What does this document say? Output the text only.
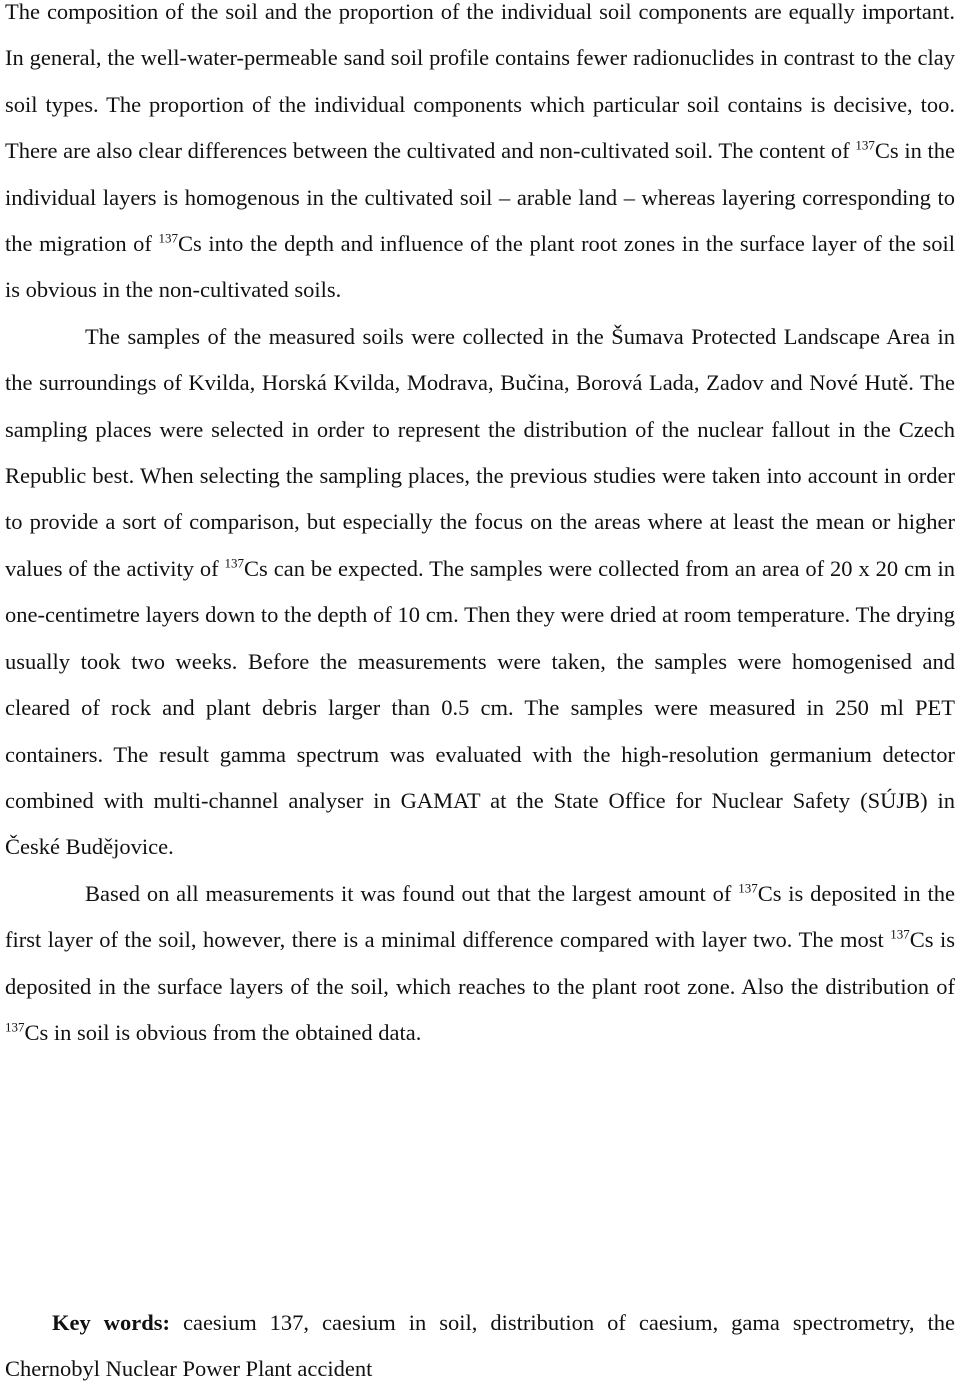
The composition of the soil and the proportion of the individual soil components are equally important. In general, the well-water-permeable sand soil profile contains fewer radionuclides in contrast to the clay soil types. The proportion of the individual components which particular soil contains is decisive, too. There are also clear differences between the cultivated and non-cultivated soil. The content of $^{137}$Cs in the individual layers is homogenous in the cultivated soil – arable land – whereas layering corresponding to the migration of $^{137}$Cs into the depth and influence of the plant root zones in the surface layer of the soil is obvious in the non-cultivated soils.

The samples of the measured soils were collected in the Šumava Protected Landscape Area in the surroundings of Kvilda, Horská Kvilda, Modrava, Bučina, Borová Lada, Zadov and Nové Hutě. The sampling places were selected in order to represent the distribution of the nuclear fallout in the Czech Republic best. When selecting the sampling places, the previous studies were taken into account in order to provide a sort of comparison, but especially the focus on the areas where at least the mean or higher values of the activity of $^{137}$Cs can be expected. The samples were collected from an area of 20 x 20 cm in one-centimetre layers down to the depth of 10 cm. Then they were dried at room temperature. The drying usually took two weeks. Before the measurements were taken, the samples were homogenised and cleared of rock and plant debris larger than 0.5 cm. The samples were measured in 250 ml PET containers. The result gamma spectrum was evaluated with the high-resolution germanium detector combined with multi-channel analyser in GAMAT at the State Office for Nuclear Safety (SÚJB) in České Budějovice.

Based on all measurements it was found out that the largest amount of $^{137}$Cs is deposited in the first layer of the soil, however, there is a minimal difference compared with layer two. The most $^{137}$Cs is deposited in the surface layers of the soil, which reaches to the plant root zone. Also the distribution of $^{137}$Cs in soil is obvious from the obtained data.

Key words: caesium 137, caesium in soil, distribution of caesium, gama spectrometry, the Chernobyl Nuclear Power Plant accident
